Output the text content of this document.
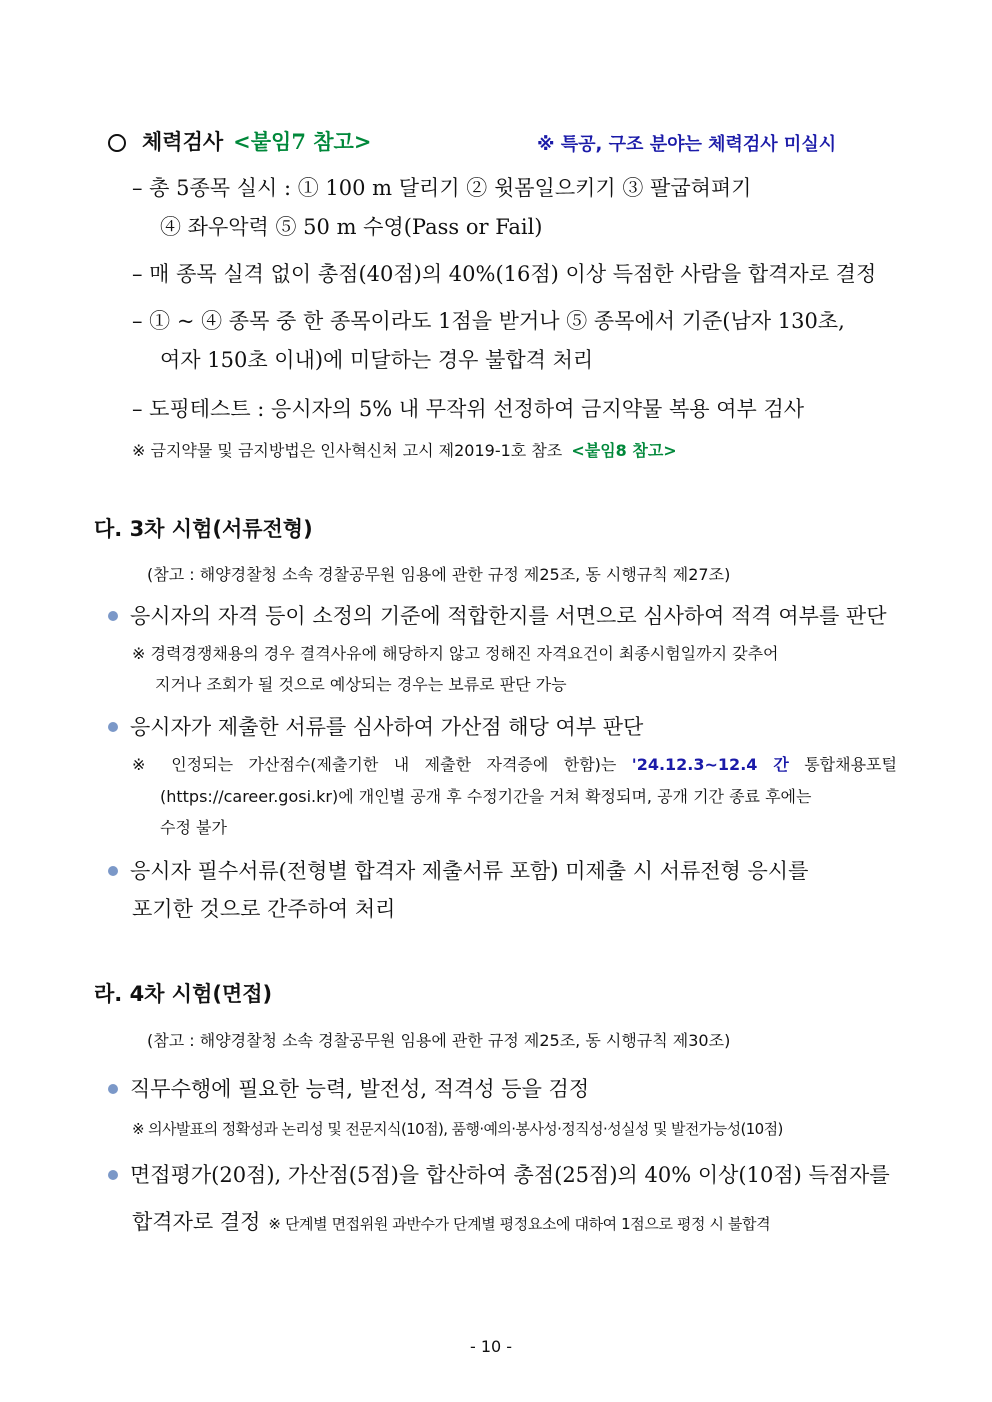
체력검사 <붙임7 참고>	※ 특공, 구조 분야는 체력검사 미실시
– 총 5종목 실시 : ① 100 m 달리기 ② 윗몸일으키기 ③ 팔굽혀펴기
④ 좌우악력 ⑤ 50 m 수영(Pass or Fail)
– 매 종목 실격 없이 총점(40점)의 40%(16점) 이상 득점한 사람을 합격자로 결정
– ① ~ ④ 종목 중 한 종목이라도 1점을 받거나 ⑤ 종목에서 기준(남자 130초,
여자 150초 이내)에 미달하는 경우 불합격 처리
– 도핑테스트 : 응시자의 5% 내 무작위 선정하여 금지약물 복용 여부 검사
※ 금지약물 및 금지방법은 인사혁신처 고시 제2019-1호 참조 <붙임8 참고>
다. 3차 시험(서류전형)
(참고 : 해양경찰청 소속 경찰공무원 임용에 관한 규정 제25조, 동 시행규칙 제27조)
응시자의 자격 등이 소정의 기준에 적합한지를 서면으로 심사하여 적격 여부를 판단
※ 경력경쟁채용의 경우 결격사유에 해당하지 않고 정해진 자격요건이 최종시험일까지 갖추어
지거나 조회가 될 것으로 예상되는 경우는 보류로 판단 가능
응시자가 제출한 서류를 심사하여 가산점 해당 여부 판단
※ 인정되는 가산점수(제출기한 내 제출한 자격증에 한함)는 '24.12.3~12.4 간 통합채용포털
(https://career.gosi.kr)에 개인별 공개 후 수정기간을 거쳐 확정되며, 공개 기간 종료 후에는
수정 불가
응시자 필수서류(전형별 합격자 제출서류 포함) 미제출 시 서류전형 응시를
포기한 것으로 간주하여 처리
라. 4차 시험(면접)
(참고 : 해양경찰청 소속 경찰공무원 임용에 관한 규정 제25조, 동 시행규칙 제30조)
직무수행에 필요한 능력, 발전성, 적격성 등을 검정
※ 의사발표의 정확성과 논리성 및 전문지식(10점), 품행·예의·봉사성·정직성·성실성 및 발전가능성(10점)
면접평가(20점), 가산점(5점)을 합산하여 총점(25점)의 40% 이상(10점) 득점자를
합격자로 결정 ※ 단계별 면접위원 과반수가 단계별 평정요소에 대하여 1점으로 평정 시 불합격
- 10 -
